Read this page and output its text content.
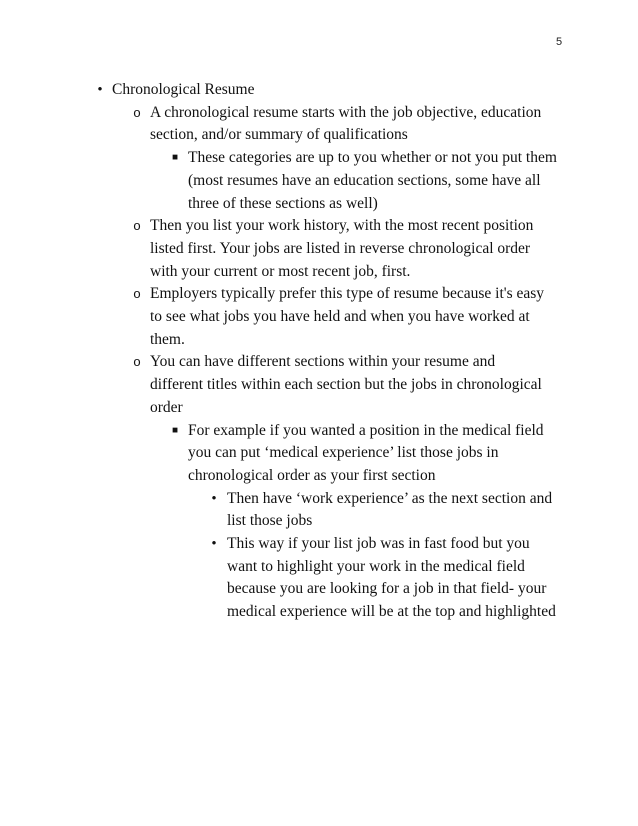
5
• Chronological Resume
o A chronological resume starts with the job objective, education section, and/or summary of qualifications
■ These categories are up to you whether or not you put them (most resumes have an education sections, some have all three of these sections as well)
o Then you list your work history, with the most recent position listed first. Your jobs are listed in reverse chronological order with your current or most recent job, first.
o Employers typically prefer this type of resume because it's easy to see what jobs you have held and when you have worked at them.
o You can have different sections within your resume and different titles within each section but the jobs in chronological order
■ For example if you wanted a position in the medical field you can put ‘medical experience’ list those jobs in chronological order as your first section
• Then have ‘work experience’ as the next section and list those jobs
• This way if your list job was in fast food but you want to highlight your work in the medical field because you are looking for a job in that field- your medical experience will be at the top and highlighted
